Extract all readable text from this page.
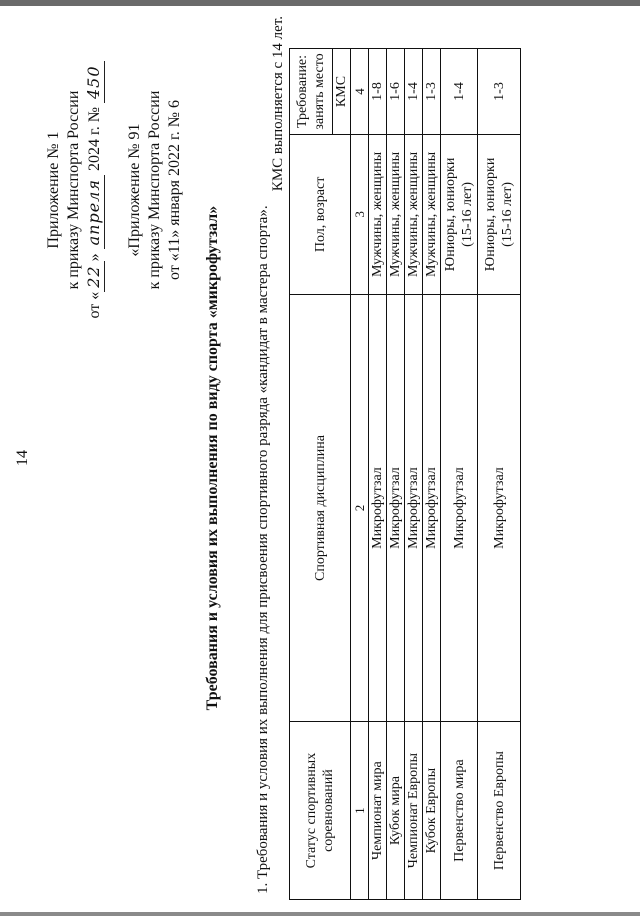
14
Приложение № 1 к приказу Минспорта России
от «22» апреля 2024 г. № 450
«Приложение № 91 к приказу Минспорта России от «11» января 2022 г. № 6
Требования и условия их выполнения по виду спорта «микрофутзал» 1. Требования и условия их выполнения для присвоения спортивного разряда «кандидат в мастера спорта».
КМС выполняется с 14 лет.
Статус спортивных соревнований	Спортивная дисциплина	Пол, возраст	Требование: занять место
			КМС
1	2	3	4
Чемпионат мира	Микрофутзал	Мужчины, женщины	1-8
Кубок мира	Микрофутзал	Мужчины, женщины	1-6
Чемпионат Европы	Микрофутзал	Мужчины, женщины	1-4
Кубок Европы	Микрофутзал	Мужчины, женщины	1-3
Первенство мира	Микрофутзал	Юниоры, юниорки (15-16 лет)	1-4
Первенство Европы	Микрофутзал	Юниоры, юниорки (15-16 лет)	1-3
